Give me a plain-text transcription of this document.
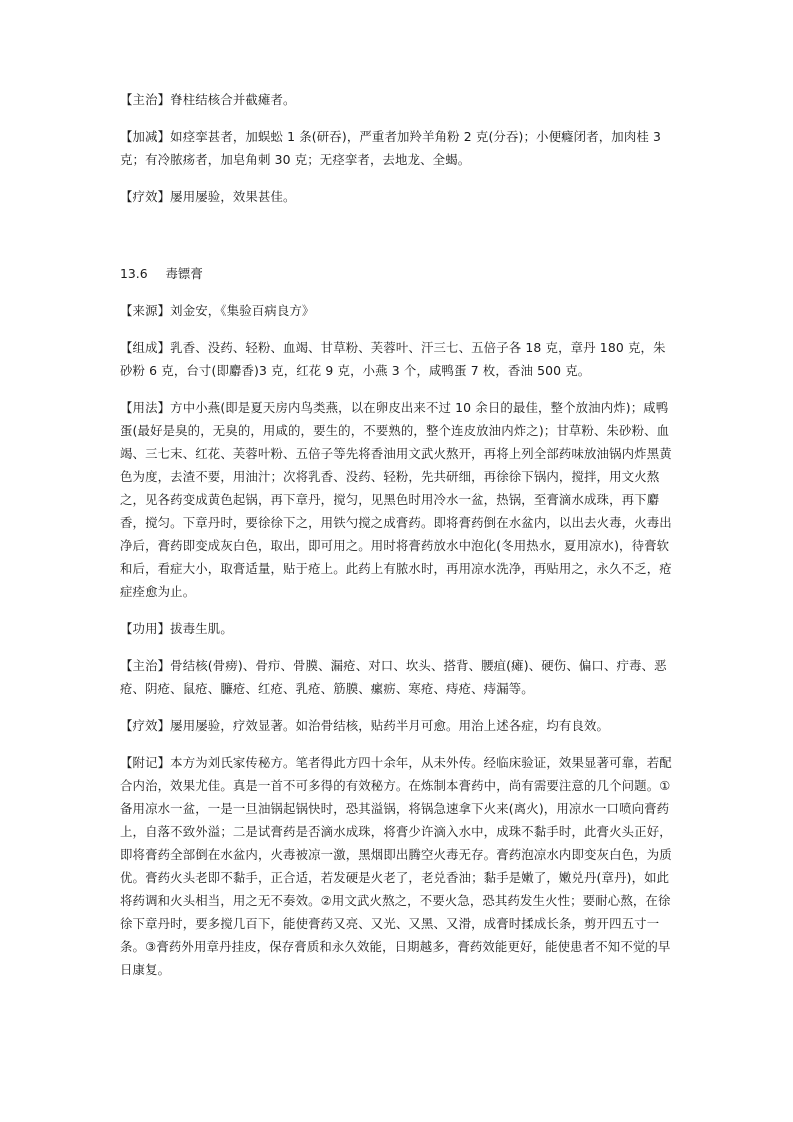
【主治】脊柱结核合并截瘫者。

【加减】如痉挛甚者，加蜈蚣 1 条(研吞)，严重者加羚羊角粉 2 克(分吞)；小便癃闭者，加肉桂 3 克；有冷脓疡者，加皂角刺 30 克；无痉挛者，去地龙、全蝎。

【疗效】屡用屡验，效果甚佳。

13.6 毒镖膏

【来源】刘金安，《集验百病良方》

【组成】乳香、没药、轻粉、血竭、甘草粉、芙蓉叶、汗三七、五倍子各 18 克，章丹 180 克，朱砂粉 6 克，台寸(即麝香)3 克，红花 9 克，小燕 3 个，咸鸭蛋 7 枚，香油 500 克。

【用法】方中小燕(即是夏天房内鸟类燕，以在卵皮出来不过 10 余日的最佳，整个放油内炸)；咸鸭蛋(最好是臭的，无臭的，用咸的，要生的，不要熟的，整个连皮放油内炸之)；甘草粉、朱砂粉、血竭、三七末、红花、芙蓉叶粉、五倍子等先将香油用文武火熬开，再将上列全部药味放油锅内炸黑黄色为度，去渣不要，用油汁；次将乳香、没药、轻粉，先共研细，再徐徐下锅内，搅拌，用文火熬之，见各药变成黄色起锅，再下章丹，搅匀，见黑色时用冷水一盆，热锅，至膏滴水成珠，再下麝香，搅匀。下章丹时，要徐徐下之，用铁勺搅之成膏药。即将膏药倒在水盆内，以出去火毒，火毒出净后，膏药即变成灰白色，取出，即可用之。用时将膏药放水中泡化(冬用热水，夏用凉水)，待膏软和后，看症大小，取膏适量，贴于疮上。此药上有脓水时，再用凉水洗净，再贴用之，永久不乏，疮症痊愈为止。

【功用】拔毒生肌。

【主治】骨结核(骨痨)、骨疖、骨膜、漏疮、对口、坎头、搭背、腰疽(瘫)、硬伤、偏口、疔毒、恶疮、阴疮、鼠疮、臁疮、红疮、乳疮、筋膜、瘰疬、寒疮、痔疮、痔漏等。

【疗效】屡用屡验，疗效显著。如治骨结核，贴药半月可愈。用治上述各症，均有良效。

【附记】本方为刘氏家传秘方。笔者得此方四十余年，从未外传。经临床验证，效果显著可靠，若配合内治，效果尤佳。真是一首不可多得的有效秘方。在炼制本膏药中，尚有需要注意的几个问题。①备用凉水一盆，一是一旦油锅起锅快时，恐其溢锅，将锅急速拿下火来(离火)，用凉水一口喷向膏药上，自落不致外溢；二是试膏药是否滴水成珠，将膏少许滴入水中，成珠不黏手时，此膏火头正好，即将膏药全部倒在水盆内，火毒被凉一激，黑烟即出腾空火毒无存。膏药泡凉水内即变灰白色，为质优。膏药火头老即不黏手，正合适，若发硬是火老了，老兑香油；黏手是嫩了，嫩兑丹(章丹)，如此将药调和火头相当，用之无不奏效。②用文武火熬之，不要火急，恐其药发生火性；要耐心熬，在徐徐下章丹时，要多搅几百下，能使膏药又亮、又光、又黑、又滑，成膏时揉成长条，剪开四五寸一条。③膏药外用章丹挂皮，保存膏质和永久效能，日期越多，膏药效能更好，能使患者不知不觉的早日康复。
